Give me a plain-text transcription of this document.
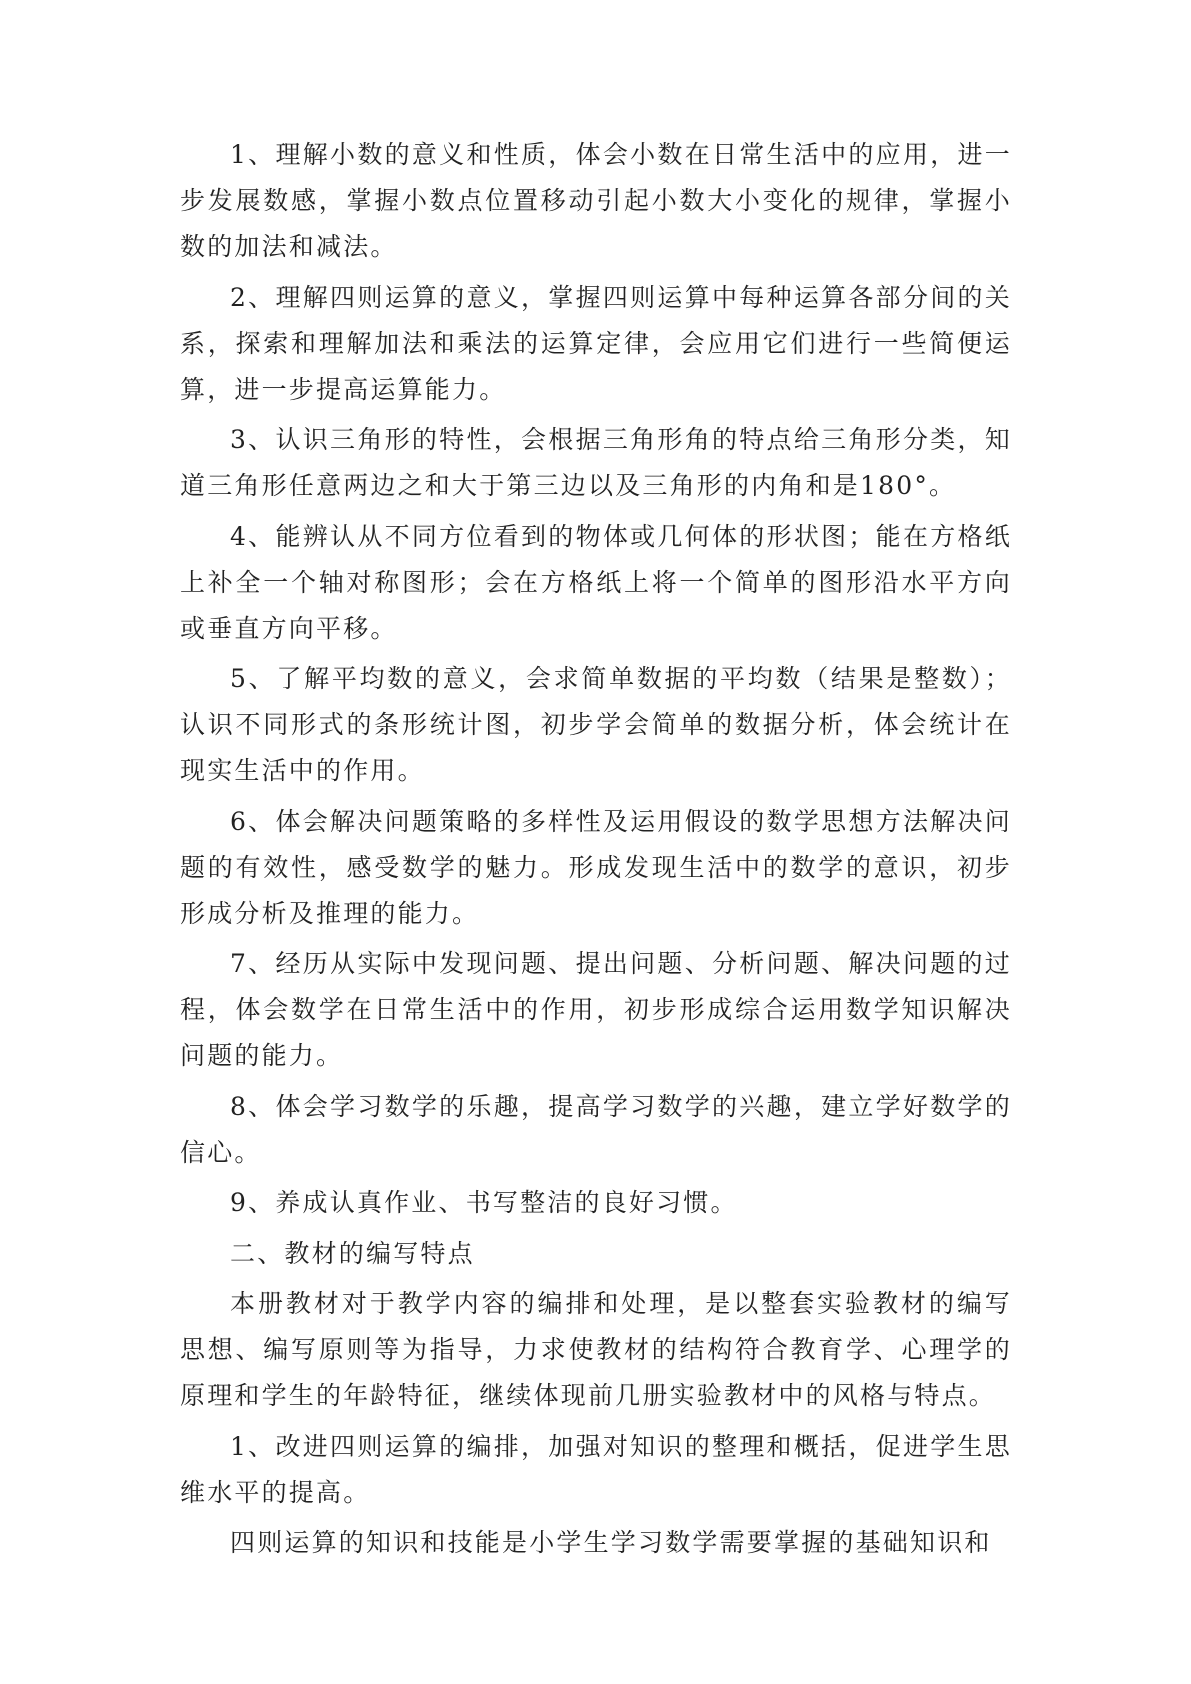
1、理解小数的意义和性质，体会小数在日常生活中的应用，进一步发展数感，掌握小数点位置移动引起小数大小变化的规律，掌握小数的加法和减法。

2、理解四则运算的意义，掌握四则运算中每种运算各部分间的关系，探索和理解加法和乘法的运算定律，会应用它们进行一些简便运算，进一步提高运算能力。

3、认识三角形的特性，会根据三角形角的特点给三角形分类，知道三角形任意两边之和大于第三边以及三角形的内角和是180°。

4、能辨认从不同方位看到的物体或几何体的形状图；能在方格纸上补全一个轴对称图形；会在方格纸上将一个简单的图形沿水平方向或垂直方向平移。

5、了解平均数的意义，会求简单数据的平均数（结果是整数）；认识不同形式的条形统计图，初步学会简单的数据分析，体会统计在现实生活中的作用。

6、体会解决问题策略的多样性及运用假设的数学思想方法解决问题的有效性，感受数学的魅力。形成发现生活中的数学的意识，初步形成分析及推理的能力。

7、经历从实际中发现问题、提出问题、分析问题、解决问题的过程，体会数学在日常生活中的作用，初步形成综合运用数学知识解决问题的能力。

8、体会学习数学的乐趣，提高学习数学的兴趣，建立学好数学的信心。

9、养成认真作业、书写整洁的良好习惯。

二、教材的编写特点

本册教材对于教学内容的编排和处理，是以整套实验教材的编写思想、编写原则等为指导，力求使教材的结构符合教育学、心理学的原理和学生的年龄特征，继续体现前几册实验教材中的风格与特点。

1、改进四则运算的编排，加强对知识的整理和概括，促进学生思维水平的提高。

四则运算的知识和技能是小学生学习数学需要掌握的基础知识和
